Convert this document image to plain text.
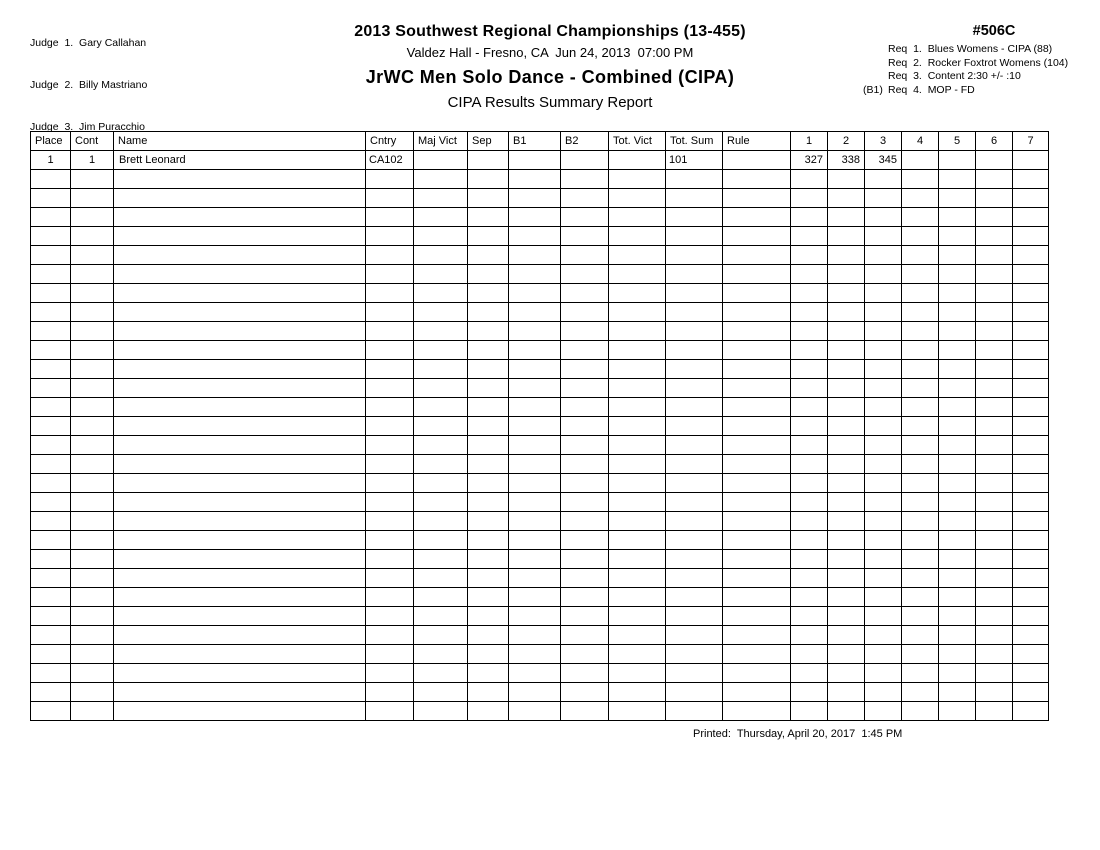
Judge  1.  Gary Callahan

Judge  2.  Billy Mastriano

Judge  3.  Jim Puracchio

2013 Southwest Regional Championships (13-455)
Valdez Hall - Fresno, CA  Jun 24, 2013  07:00 PM
JrWC Men Solo Dance - Combined (CIPA)
CIPA Results Summary Report
#506C
Req  1.  Blues Womens - CIPA (88)
Req  2.  Rocker Foxtrot Womens (104)
Req  3.  Content 2:30 +/- :10
(B1) Req  4.  MOP - FD
Place	Cont	Name	Cntry	Maj Vict	Sep	B1	B2	Tot. Vict	Tot. Sum	Rule	1	2	3	4	5	6	7
1	1	Brett Leonard	CA102						101		327	338	345				

Printed:  Thursday, April 20, 2017  1:45 PM
